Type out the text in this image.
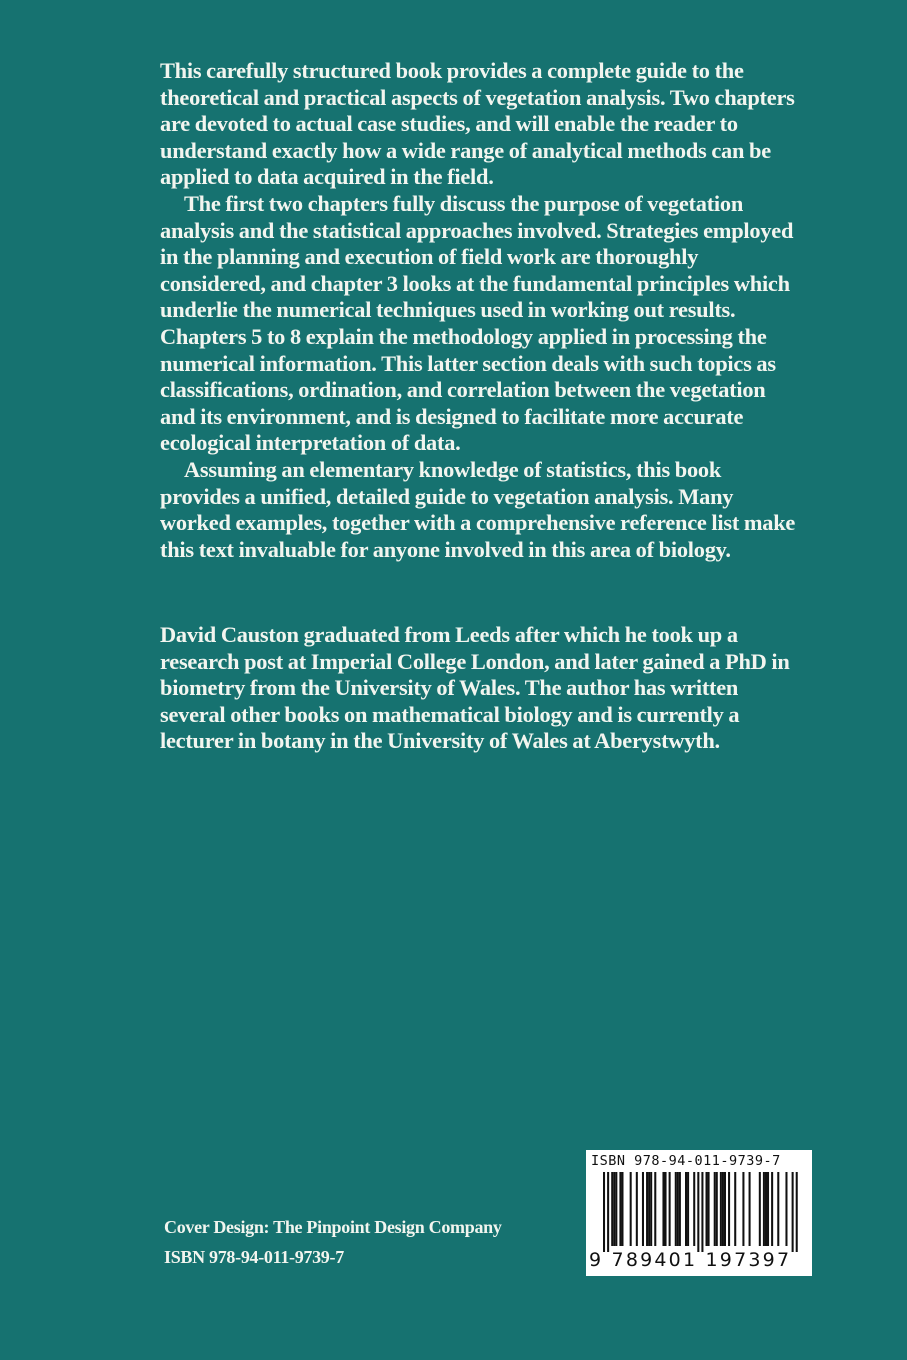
This carefully structured book provides a complete guide to the theoretical and practical aspects of vegetation analysis. Two chapters are devoted to actual case studies, and will enable the reader to understand exactly how a wide range of analytical methods can be applied to data acquired in the field.

The first two chapters fully discuss the purpose of vegetation analysis and the statistical approaches involved. Strategies employed in the planning and execution of field work are thoroughly considered, and chapter 3 looks at the fundamental principles which underlie the numerical techniques used in working out results. Chapters 5 to 8 explain the methodology applied in processing the numerical information. This latter section deals with such topics as classifications, ordination, and correlation between the vegetation and its environment, and is designed to facilitate more accurate ecological interpretation of data.

Assuming an elementary knowledge of statistics, this book provides a unified, detailed guide to vegetation analysis. Many worked examples, together with a comprehensive reference list make this text invaluable for anyone involved in this area of biology.

David Causton graduated from Leeds after which he took up a research post at Imperial College London, and later gained a PhD in biometry from the University of Wales. The author has written several other books on mathematical biology and is currently a lecturer in botany in the University of Wales at Aberystwyth.

Cover Design: The Pinpoint Design Company
ISBN 978-94-011-9739-7
ISBN 978-94-011-9739-7
9 789401 197397
